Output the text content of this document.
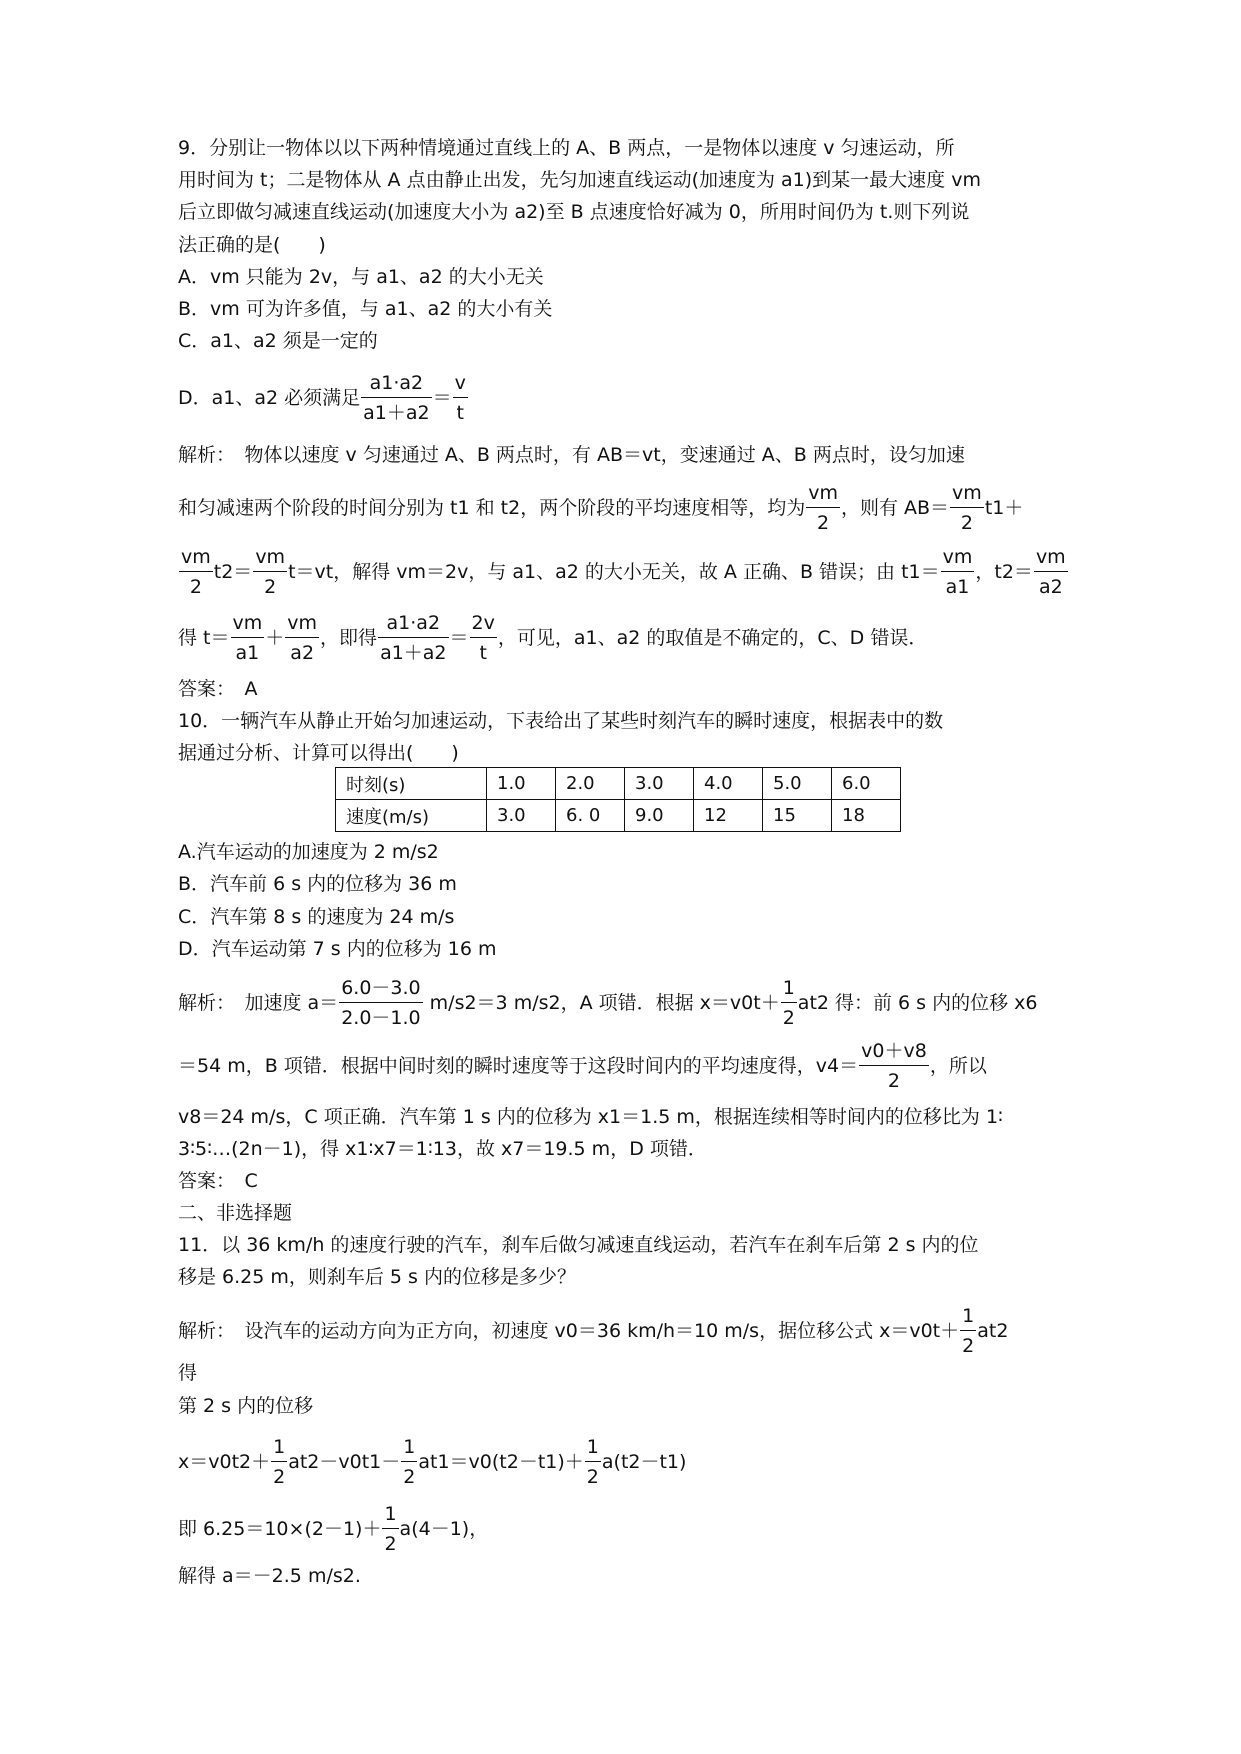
9．分别让一物体以以下两种情境通过直线上的 A、B 两点，一是物体以速度 v 匀速运动，所
用时间为 t；二是物体从 A 点由静止出发，先匀加速直线运动(加速度为 a1)到某一最大速度 vm
后立即做匀减速直线运动(加速度大小为 a2)至 B 点速度恰好减为 0，所用时间仍为 t.则下列说
法正确的是(　　)
A．vm 只能为 2v，与 a1、a2 的大小无关
B．vm 可为许多值，与 a1、a2 的大小有关
C．a1、a2 须是一定的
D．a1、a2 必须满足 $\frac{a1\cdot a2}{a1+a2} = \frac{v}{t}$
解析：　物体以速度 v 匀速通过 A、B 两点时，有 AB＝vt，变速通过 A、B 两点时，设匀加速
和匀减速两个阶段的时间分别为 t1 和 t2，两个阶段的平均速度相等，均为 $\frac{vm}{2}$ ，则有 $AB= \frac{vm}{2} t1+$
$\frac{vm}{2} t2= \frac{vm}{2} t=vt$，解得 vm＝2v，与 a1、a2 的大小无关，故 A 正确、B 错误；由 $t1= \frac{vm}{a1}$ ，$t2= \frac{vm}{a2}$
得 $t= \frac{vm}{a1} + \frac{vm}{a2}$ ，即得 $\frac{a1\cdot a2}{a1+a2} = \frac{2v}{t}$ ，可见，a1、a2 的取值是不确定的，C、D 错误．
答案：　A
10．一辆汽车从静止开始匀加速运动，下表给出了某些时刻汽车的瞬时速度，根据表中的数
据通过分析、计算可以得出(　　)
时刻(s)	1.0	2.0	3.0	4.0	5.0	6.0
速度(m/s)	3.0	6. 0	9.0	12	15	18
A.汽车运动的加速度为 2 m/s2
B．汽车前 6 s 内的位移为 36 m
C．汽车第 8 s 的速度为 24 m/s
D．汽车运动第 7 s 内的位移为 16 m
解析：　加速度 $a= \frac{6.0-3.0}{2.0-1.0} m/s2=3$ m/s2，A 项错．根据 $x=v0t+ \frac{1}{2} at2$ 得：前 6 s 内的位移 x6
＝54 m，B 项错．根据中间时刻的瞬时速度等于这段时间内的平均速度得，$v4= \frac{v0+v8}{2}$ ，所以
v8＝24 m/s，C 项正确．汽车第 1 s 内的位移为 x1＝1.5 m，根据连续相等时间内的位移比为 1∶
3∶5∶…(2n－1)，得 x1∶x7＝1∶13，故 x7＝19.5 m，D 项错．
答案：　C
二、非选择题
11．以 36 km/h 的速度行驶的汽车，刹车后做匀减速直线运动，若汽车在刹车后第 2 s 内的位
移是 6.25 m，则刹车后 5 s 内的位移是多少？
解析：　设汽车的运动方向为正方向，初速度 v0＝36 km/h＝10 m/s，据位移公式 $x=v0t+ \frac{1}{2} at2$
得
第 2 s 内的位移
$x=v0t2+ \frac{1}{2} at2-v0t1- \frac{1}{2} at1=v0(t2-t1)+ \frac{1}{2} a(t2-t1)$
即 $6.25=10\times(2-1)+ \frac{1}{2} a(4-1)$，
解得 a＝－2.5 m/s2.
